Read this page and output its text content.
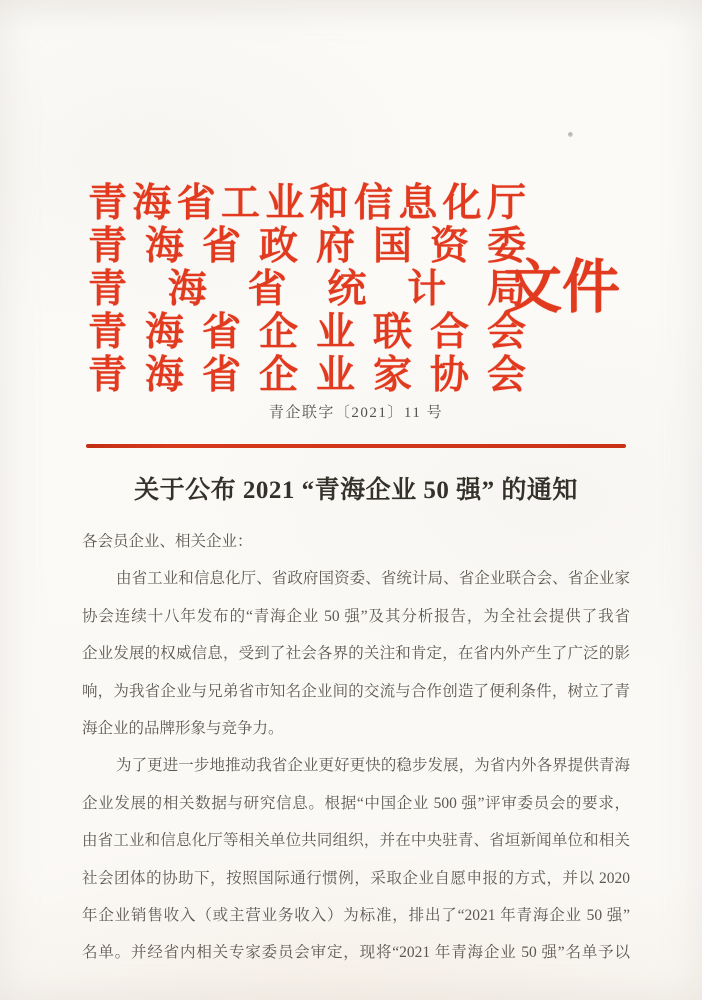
青海省工业和信息化厅
青海省政府国资委
青海省统计局
青海省企业联合会
青海省企业家协会
文件
青企联字〔2021〕11 号
关于公布 2021 “青海企业 50 强” 的通知
各会员企业、相关企业：
由省工业和信息化厅、省政府国资委、省统计局、省企业联合会、省企业家
协会连续十八年发布的“青海企业 50 强”及其分析报告，为全社会提供了我省
企业发展的权威信息，受到了社会各界的关注和肯定，在省内外产生了广泛的影
响，为我省企业与兄弟省市知名企业间的交流与合作创造了便利条件，树立了青
海企业的品牌形象与竞争力。
为了更进一步地推动我省企业更好更快的稳步发展，为省内外各界提供青海
企业发展的相关数据与研究信息。根据“中国企业 500 强”评审委员会的要求，
由省工业和信息化厅等相关单位共同组织，并在中央驻青、省垣新闻单位和相关
社会团体的协助下，按照国际通行惯例，采取企业自愿申报的方式，并以 2020
年企业销售收入（或主营业务收入）为标准，排出了“2021 年青海企业 50 强”
名单。并经省内相关专家委员会审定，现将“2021 年青海企业 50 强”名单予以
